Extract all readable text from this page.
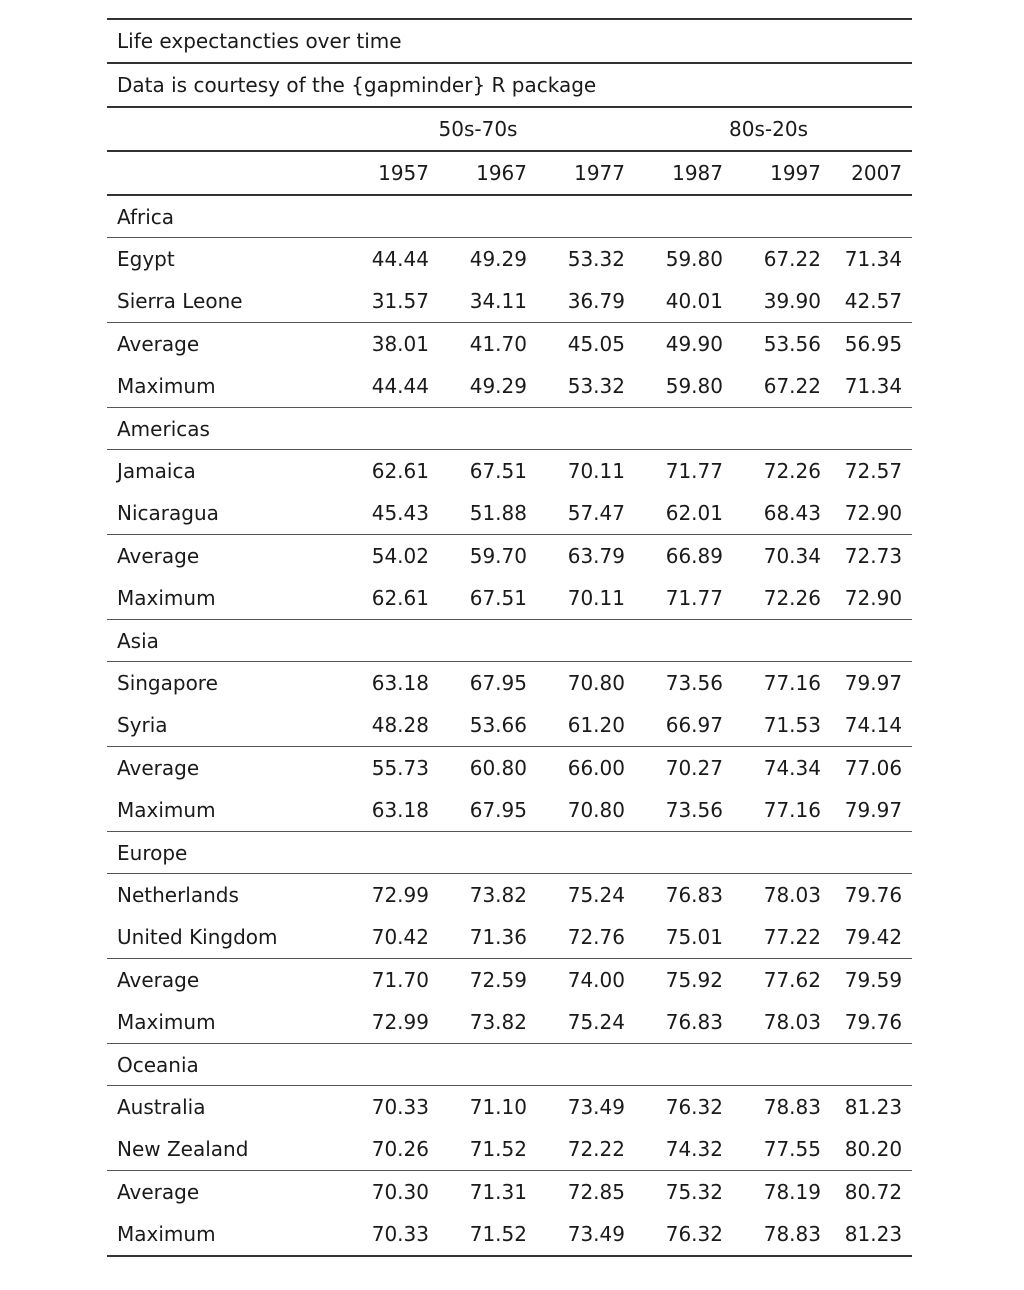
Life expectancties over time						
Data is courtesy of the {gapminder} R package						
	50s-70s			80s-20s		
	1957	1967	1977	1987	1997	2007
Africa						
Egypt	44.44	49.29	53.32	59.80	67.22	71.34
Sierra Leone	31.57	34.11	36.79	40.01	39.90	42.57
Average	38.01	41.70	45.05	49.90	53.56	56.95
Maximum	44.44	49.29	53.32	59.80	67.22	71.34
Americas						
Jamaica	62.61	67.51	70.11	71.77	72.26	72.57
Nicaragua	45.43	51.88	57.47	62.01	68.43	72.90
Average	54.02	59.70	63.79	66.89	70.34	72.73
Maximum	62.61	67.51	70.11	71.77	72.26	72.90
Asia						
Singapore	63.18	67.95	70.80	73.56	77.16	79.97
Syria	48.28	53.66	61.20	66.97	71.53	74.14
Average	55.73	60.80	66.00	70.27	74.34	77.06
Maximum	63.18	67.95	70.80	73.56	77.16	79.97
Europe						
Netherlands	72.99	73.82	75.24	76.83	78.03	79.76
United Kingdom	70.42	71.36	72.76	75.01	77.22	79.42
Average	71.70	72.59	74.00	75.92	77.62	79.59
Maximum	72.99	73.82	75.24	76.83	78.03	79.76
Oceania						
Australia	70.33	71.10	73.49	76.32	78.83	81.23
New Zealand	70.26	71.52	72.22	74.32	77.55	80.20
Average	70.30	71.31	72.85	75.32	78.19	80.72
Maximum	70.33	71.52	73.49	76.32	78.83	81.23
